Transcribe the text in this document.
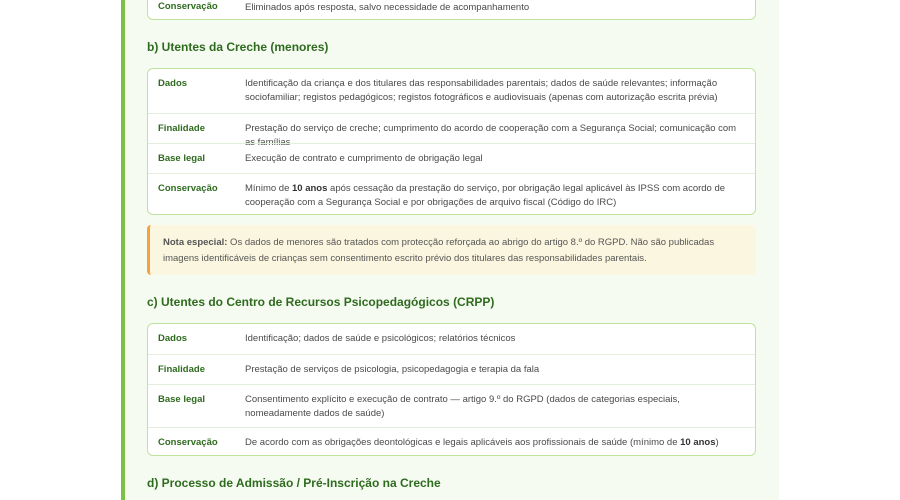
Conservação	Eliminados após resposta, salvo necessidade de acompanhamento
b) Utentes da Creche (menores)
Dados	Identificação da criança e dos titulares das responsabilidades parentais; dados de saúde relevantes; informação sociofamiliar; registos pedagógicos; registos fotográficos e audiovisuais (apenas com autorização escrita prévia)
Finalidade	Prestação do serviço de creche; cumprimento do acordo de cooperação com a Segurança Social; comunicação com as famílias
Base legal	Execução de contrato e cumprimento de obrigação legal
Conservação	Mínimo de 10 anos após cessação da prestação do serviço, por obrigação legal aplicável às IPSS com acordo de cooperação com a Segurança Social e por obrigações de arquivo fiscal (Código do IRC)
Nota especial: Os dados de menores são tratados com protecção reforçada ao abrigo do artigo 8.º do RGPD. Não são publicadas imagens identificáveis de crianças sem consentimento escrito prévio dos titulares das responsabilidades parentais.
c) Utentes do Centro de Recursos Psicopedagógicos (CRPP)
Dados	Identificação; dados de saúde e psicológicos; relatórios técnicos
Finalidade	Prestação de serviços de psicologia, psicopedagogia e terapia da fala
Base legal	Consentimento explícito e execução de contrato — artigo 9.º do RGPD (dados de categorias especiais, nomeadamente dados de saúde)
Conservação	De acordo com as obrigações deontológicas e legais aplicáveis aos profissionais de saúde (mínimo de 10 anos)
d) Processo de Admissão / Pré-Inscrição na Creche
